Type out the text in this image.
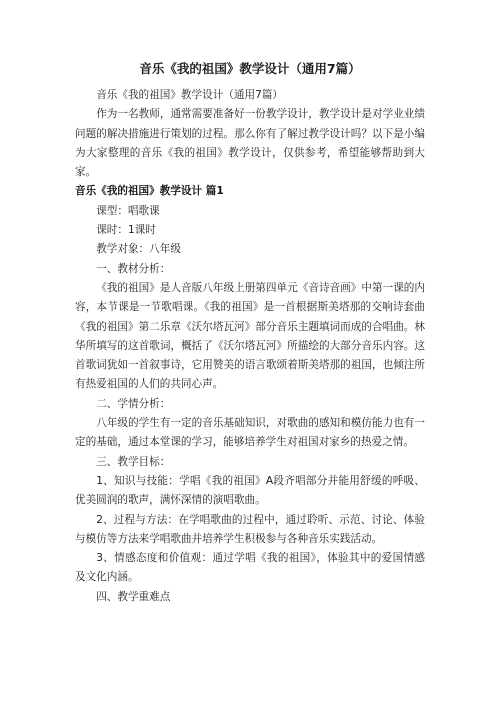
音乐《我的祖国》教学设计（通用7篇）

音乐《我的祖国》教学设计（通用7篇）

作为一名教师，通常需要准备好一份教学设计，教学设计是对学业业绩问题的解决措施进行策划的过程。那么你有了解过教学设计吗？以下是小编为大家整理的音乐《我的祖国》教学设计，仅供参考，希望能够帮助到大家。

音乐《我的祖国》教学设计 篇1

课型：唱歌课

课时：1课时

教学对象：八年级

一、教材分析：

《我的祖国》是人音版八年级上册第四单元《音诗音画》中第一课的内容，本节课是一节歌唱课。《我的祖国》是一首根据斯美塔那的交响诗套曲《我的祖国》第二乐章《沃尔塔瓦河》部分音乐主题填词而成的合唱曲。林华所填写的这首歌词，概括了《沃尔塔瓦河》所描绘的大部分音乐内容。这首歌词犹如一首叙事诗，它用赞美的语言歌颂着斯美塔那的祖国，也倾注所有热爱祖国的人们的共同心声。

二、学情分析：

八年级的学生有一定的音乐基础知识，对歌曲的感知和模仿能力也有一定的基础，通过本堂课的学习，能够培养学生对祖国对家乡的热爱之情。

三、教学目标：

1、知识与技能：学唱《我的祖国》A段齐唱部分并能用舒缓的呼吸、优美圆润的歌声，满怀深情的演唱歌曲。

2、过程与方法：在学唱歌曲的过程中，通过聆听、示范、讨论、体验与模仿等方法来学唱歌曲并培养学生积极参与各种音乐实践活动。

3、情感态度和价值观：通过学唱《我的祖国》，体验其中的爱国情感及文化内涵。

四、教学重难点
